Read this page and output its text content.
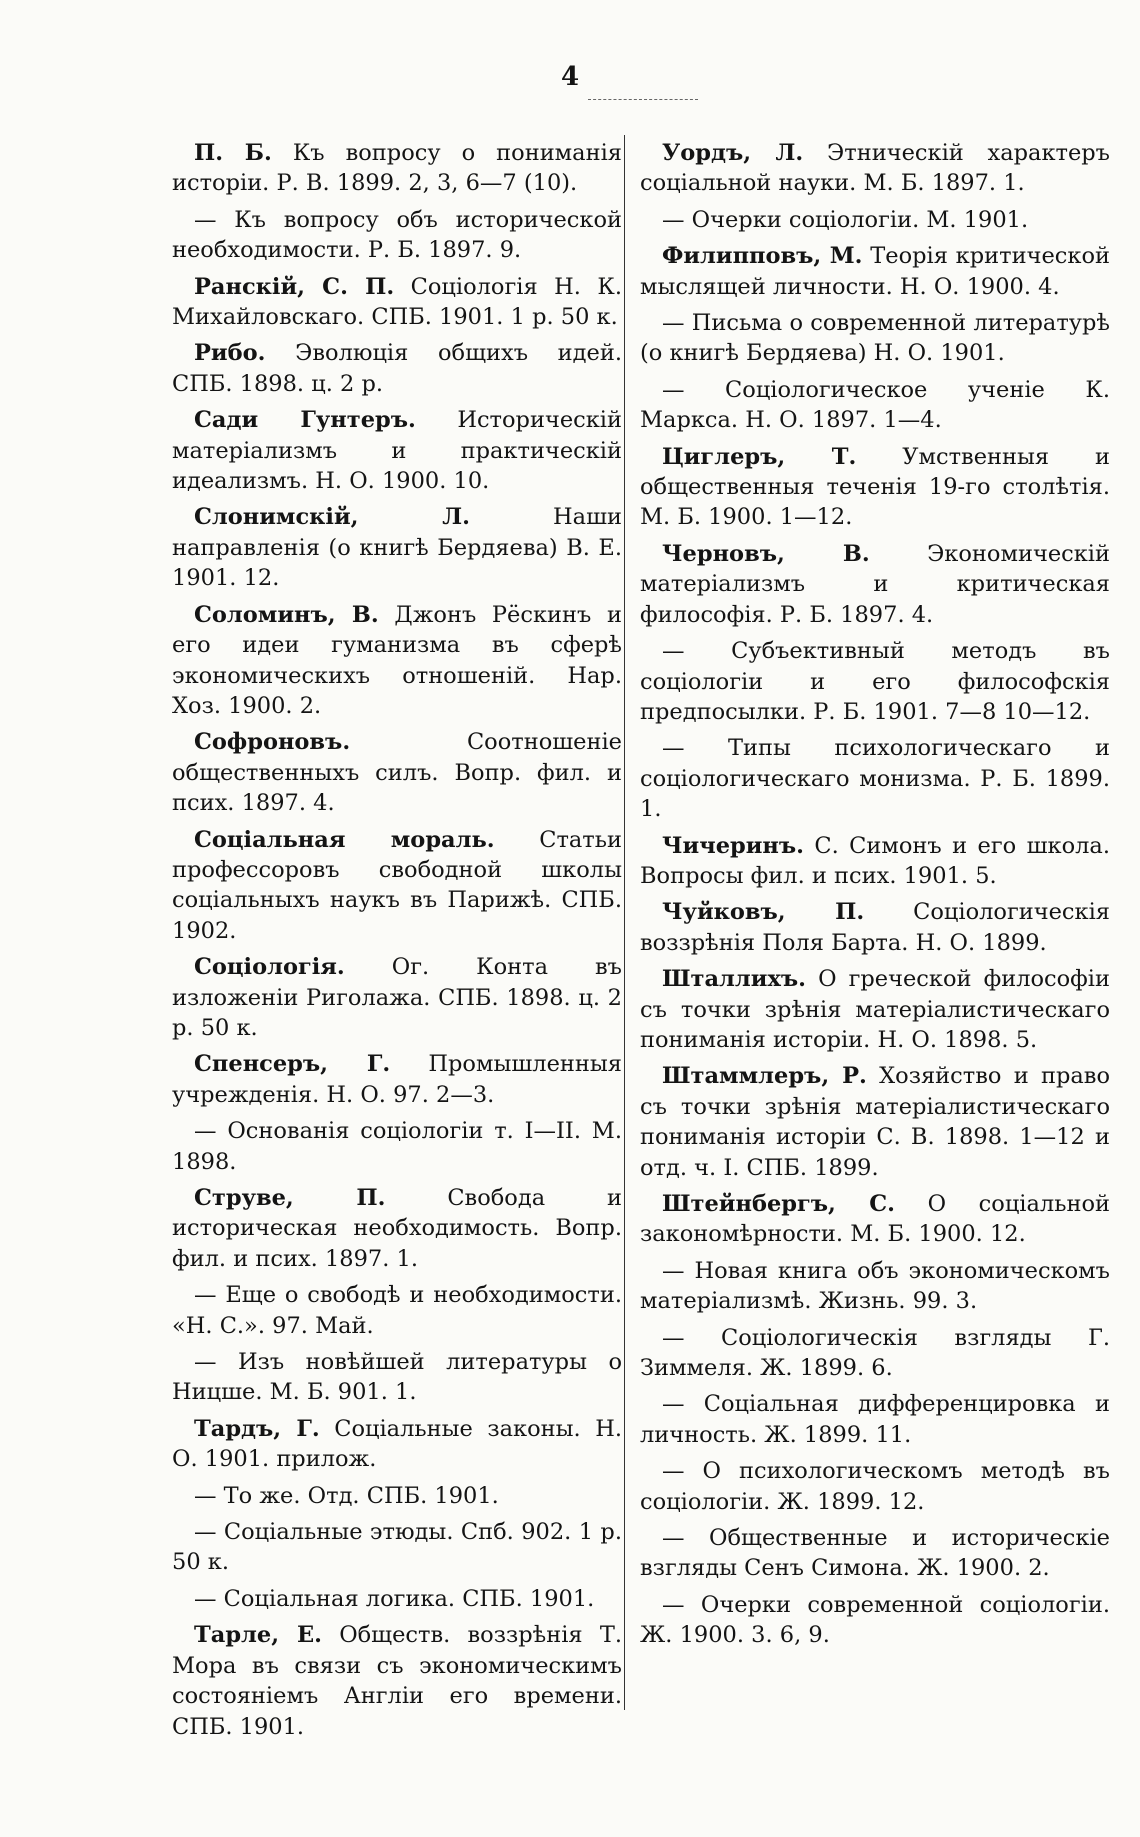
4

П. Б. Къ вопросу о пониманія исторіи. Р. В. 1899. 2, 3, 6—7 (10).

— Къ вопросу объ исторической необходимости. Р. Б. 1897. 9.

Ранскій, С. П. Соціологія Н. К. Михайловскаго. СПБ. 1901. 1 р. 50 к.

Рибо. Эволюція общихъ идей. СПБ. 1898. ц. 2 р.

Сади Гунтеръ. Историческій матеріализмъ и практическій идеализмъ. Н. О. 1900. 10.

Слонимскій, Л. Наши направленія (о книгѣ Бердяева) В. Е. 1901. 12.

Соломинъ, В. Джонъ Рёскинъ и его идеи гуманизма въ сферѣ экономическихъ отношеній. Нар. Хоз. 1900. 2.

Софроновъ. Соотношеніе общественныхъ силъ. Вопр. фил. и псих. 1897. 4.

Соціальная мораль. Статьи профессоровъ свободной школы соціальныхъ наукъ въ Парижѣ. СПБ. 1902.

Соціологія. Ог. Конта въ изложеніи Риголажа. СПБ. 1898. ц. 2 р. 50 к.

Спенсеръ, Г. Промышленныя учрежденія. Н. О. 97. 2—3.

— Основанія соціологіи т. I—II. М. 1898.

Струве, П. Свобода и историческая необходимость. Вопр. фил. и псих. 1897. 1.

— Еще о свободѣ и необходимости. «Н. С.». 97. Май.

— Изъ новѣйшей литературы о Ницше. М. Б. 901. 1.

Тардъ, Г. Соціальные законы. Н. О. 1901. прилож.

— То же. Отд. СПБ. 1901.

— Соціальные этюды. Спб. 902. 1 р. 50 к.

— Соціальная логика. СПБ. 1901.

Тарле, Е. Обществ. воззрѣнія Т. Мора въ связи съ экономическимъ состояніемъ Англіи его времени. СПБ. 1901.

Уордъ, Л. Этническій характеръ соціальной науки. М. Б. 1897. 1.

— Очерки соціологіи. М. 1901.

Филипповъ, М. Теорія критической мыслящей личности. Н. О. 1900. 4.

— Письма о современной литературѣ (о книгѣ Бердяева) Н. О. 1901.

— Соціологическое ученіе К. Маркса. Н. О. 1897. 1—4.

Циглеръ, Т. Умственныя и общественныя теченія 19-го столѣтія. М. Б. 1900. 1—12.

Черновъ, В. Экономическій матеріализмъ и критическая философія. Р. Б. 1897. 4.

— Субъективный методъ въ соціологіи и его философскія предпосылки. Р. Б. 1901. 7—8 10—12.

— Типы психологическаго и соціологическаго монизма. Р. Б. 1899. 1.

Чичеринъ. С. Симонъ и его школа. Вопросы фил. и псих. 1901. 5.

Чуйковъ, П. Соціологическія воззрѣнія Поля Барта. Н. О. 1899.

Шталлихъ. О греческой философіи съ точки зрѣнія матеріалистическаго пониманія исторіи. Н. О. 1898. 5.

Штаммлеръ, Р. Хозяйство и право съ точки зрѣнія матеріалистическаго пониманія исторіи С. В. 1898. 1—12 и отд. ч. I. СПБ. 1899.

Штейнбергъ, С. О соціальной закономѣрности. М. Б. 1900. 12.

— Новая книга объ экономическомъ матеріализмѣ. Жизнь. 99. 3.

— Соціологическія взгляды Г. Зиммеля. Ж. 1899. 6.

— Соціальная дифференцировка и личность. Ж. 1899. 11.

— О психологическомъ методѣ въ соціологіи. Ж. 1899. 12.

— Общественные и историческіе взгляды Сенъ Симона. Ж. 1900. 2.

— Очерки современной соціологіи. Ж. 1900. 3. 6, 9.
